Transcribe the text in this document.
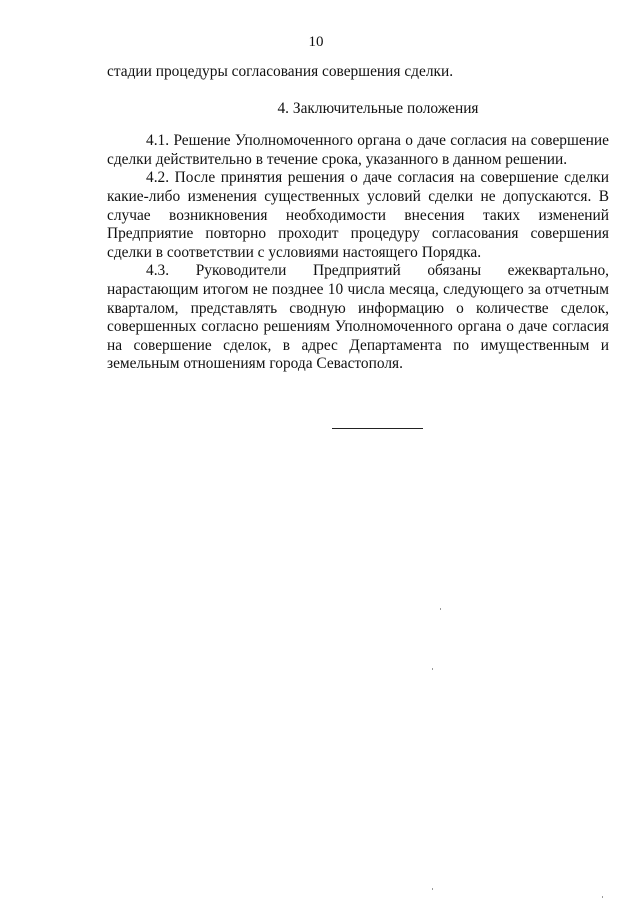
10

стадии процедуры согласования совершения сделки.

4. Заключительные положения

4.1. Решение Уполномоченного органа о даче согласия на совершение сделки действительно в течение срока, указанного в данном решении.

4.2. После принятия решения о даче согласия на совершение сделки какие-либо изменения существенных условий сделки не допускаются. В случае возникновения необходимости внесения таких изменений Предприятие повторно проходит процедуру согласования совершения сделки в соответствии с условиями настоящего Порядка.

4.3. Руководители Предприятий обязаны ежеквартально, нарастающим итогом не позднее 10 числа месяца, следующего за отчетным кварталом, представлять сводную информацию о количестве сделок, совершенных согласно решениям Уполномоченного органа о даче согласия на совершение сделок, в адрес Департамента по имущественным и земельным отношениям города Севастополя.
